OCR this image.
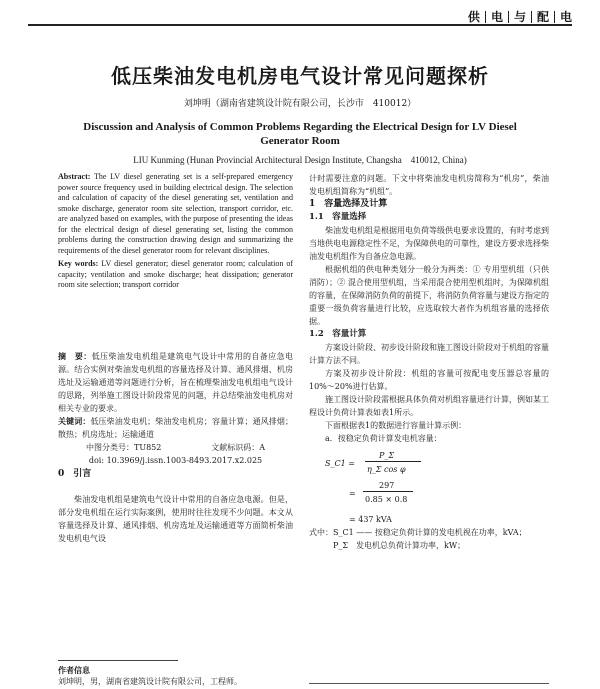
供 电 与 配 电
低压柴油发电机房电气设计常见问题探析
刘坤明（湖南省建筑设计院有限公司，长沙市　410012）
Discussion and Analysis of Common Problems Regarding the Electrical Design for LV Diesel Generator Room
LIU Kunming (Hunan Provincial Architectural Design Institute, Changsha　410012, China)

Abstract: The LV diesel generating set is a self-prepared emergency power source frequency used in building electrical design. The selection and calculation of capacity of the diesel generating set, ventilation and smoke discharge, generator room site selection, transport corridor, etc. are analyzed based on examples, with the purpose of presenting the ideas for the electrical design of diesel generating set, listing the common problems during the construction drawing design and summarizing the requirements of the diesel generator room for relevant disciplines.

Key words: LV diesel generator; diesel generator room; calculation of capacity; ventilation and smoke discharge; heat dissipation; generator room site selection; transport corridor

摘　要：低压柴油发电机组是建筑电气设计中常用的自备应急电源。结合实例对柴油发电机组的容量选择及计算、通风排烟、机房选址及运输通道等问题进行分析，旨在梳理柴油发电机组电气设计的思路，列举施工图设计阶段常见的问题，并总结柴油发电机房对相关专业的要求。

关键词：低压柴油发电机；柴油发电机房；容量计算；通风排烟；散热；机房选址；运输通道

中图分类号：TU852	文献标识码：A
doi: 10.3969/j.issn.1003-8493.2017.x2.025
0　引言

柴油发电机组是建筑电气设计中常用的自备应急电源。但是，部分发电机组在运行实际案例，使用时往往发现不少问题。本文从容量选择及计算、通风排烟、机房选址及运输通道等方面简析柴油发电机电气设

作者信息
刘坤明，男，湖南省建筑设计院有限公司，工程师。

计时需要注意的问题。下文中将柴油发电机房简称为“机房”，柴油发电机组简称为“机组”。

1　容量选择及计算

1.1　容量选择

柴油发电机组是根据用电负荷等级供电要求设置的，有时考虑到当地供电电源稳定性不足，为保障供电的可靠性，建设方要求选择柴油发电机组作为自备应急电源。

根据机组的供电种类划分一般分为两类：① 专用型机组（只供消防）；② 混合使用型机组，当采用混合使用型机组时，为保障机组的容量，在保障消防负荷的前提下，将消防负荷容量与建设方指定的重要一级负荷容量进行比较，应选取较大者作为机组容量的选择依据。

1.2　容量计算

方案设计阶段、初步设计阶段和施工图设计阶段对于机组的容量计算方法不同。

方案及初步设计阶段：机组的容量可按配电变压器总容量的10%～20%进行估算。

施工图设计阶段需根据具体负荷对机组容量进行计算，例如某工程设计负荷计算表如表1所示。

下面根据表1的数据进行容量计算示例：

a．按稳定负荷计算发电机容量：

S_C1 =
P_Σ
η_Σ cos φ
=
297
0.85 × 0.8

= 437 kVA

式中：S_C1 —— 按稳定负荷计算的发电机视在功率，kVA；

P_Σ　发电机总负荷计算功率，kW；
